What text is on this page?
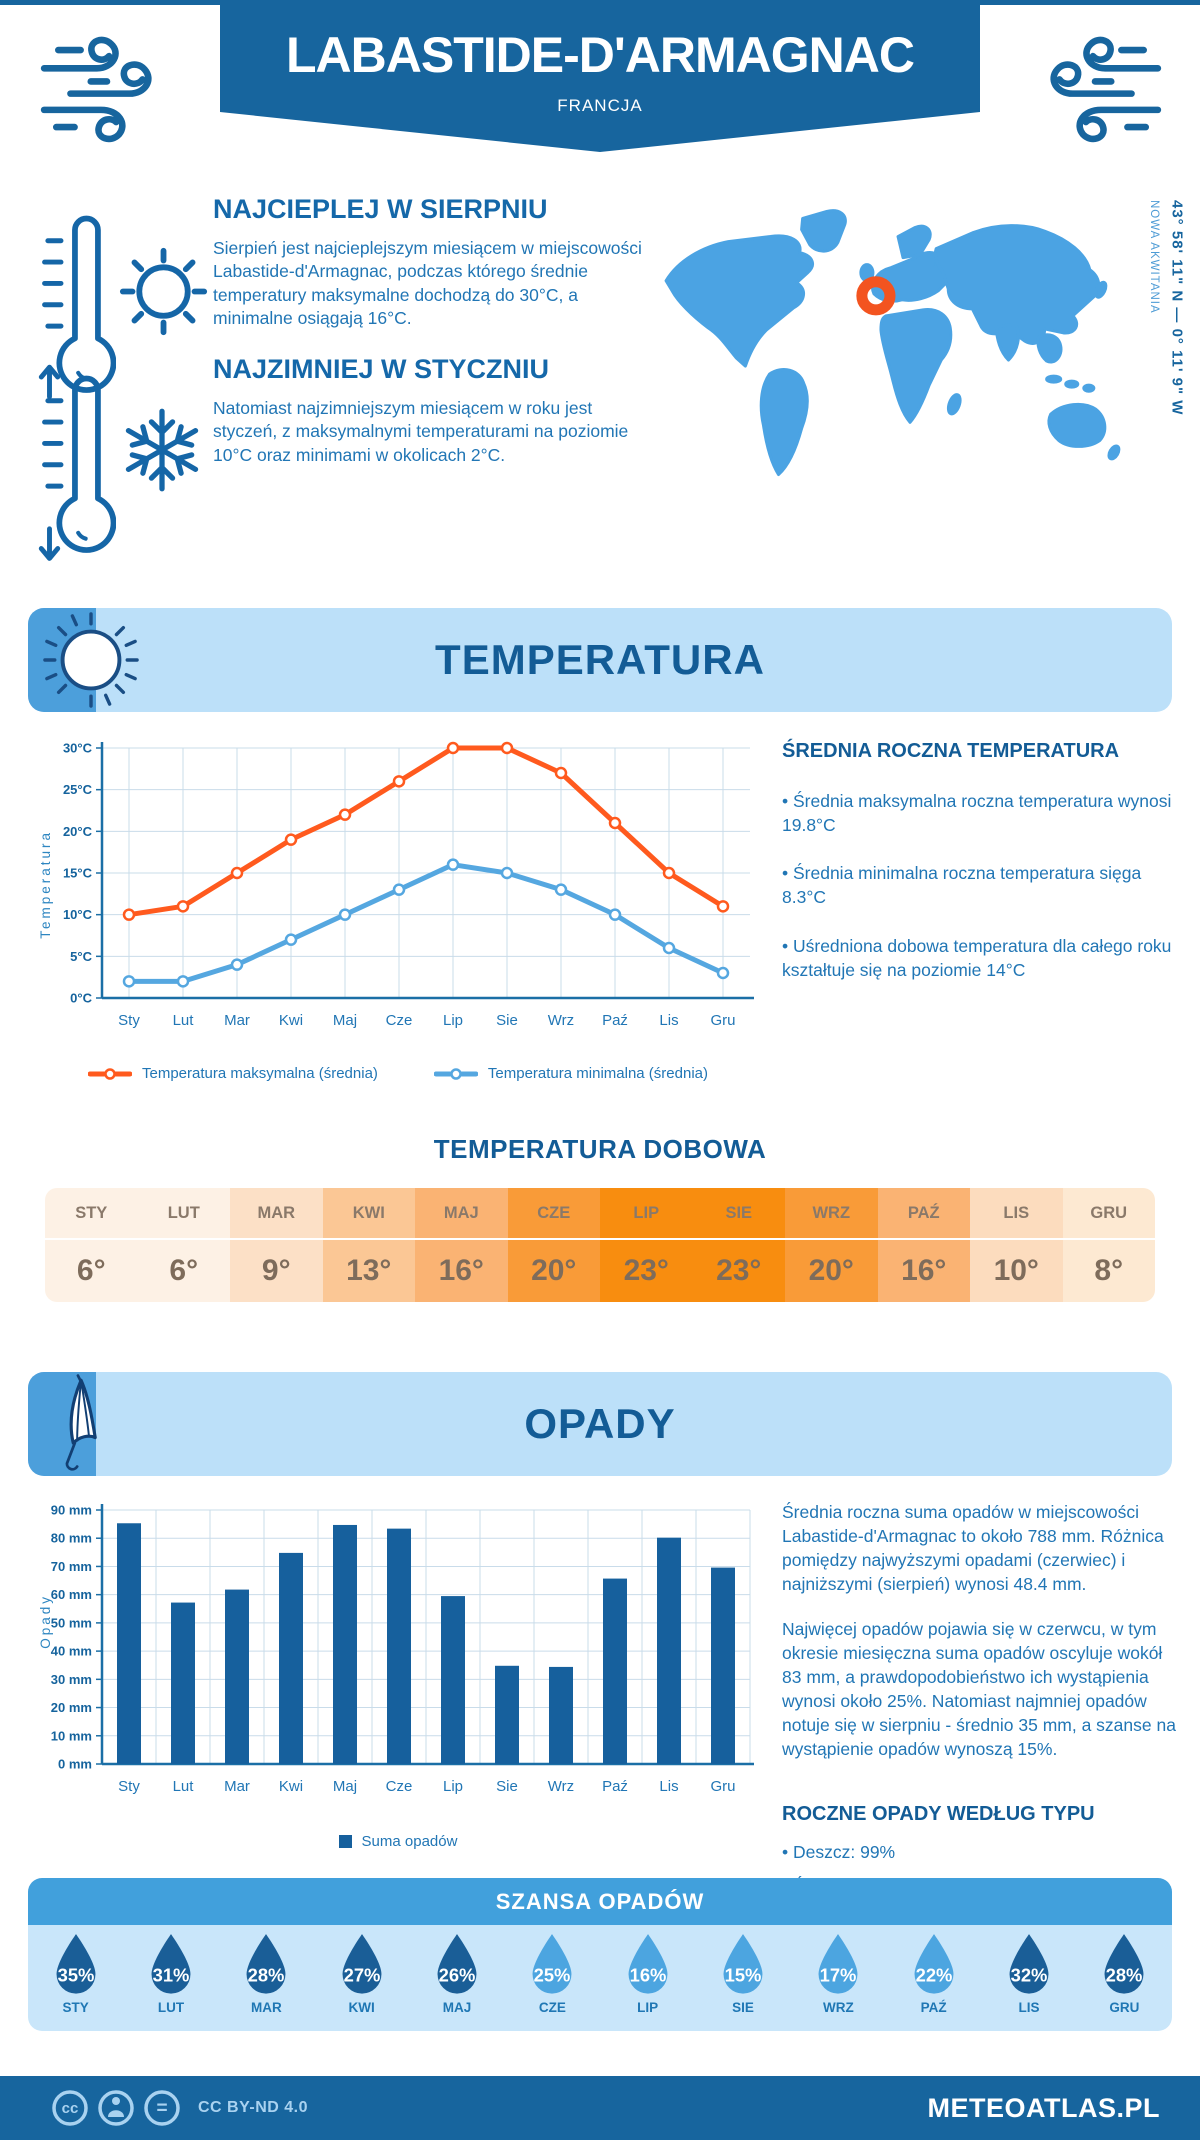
LABASTIDE-D'ARMAGNAC
FRANCJA
NAJCIEPLEJ W SIERPNIU
Sierpień jest najcieplejszym miesiącem w miejscowości Labastide-d'Armagnac, podczas którego średnie temperatury maksymalne dochodzą do 30°C, a minimalne osiągają 16°C.
NAJZIMNIEJ W STYCZNIU
Natomiast najzimniejszym miesiącem w roku jest styczeń, z maksymalnymi temperaturami na poziomie 10°C oraz minimami w okolicach 2°C.
43° 58' 11" N — 0° 11' 9" W
NOWA AKWITANIA
TEMPERATURA
Temperatura
0°C
5°C
10°C
15°C
20°C
25°C
30°C
Sty Lut Mar Kwi Maj Cze Lip Sie Wrz Paź Lis Gru
Temperatura maksymalna (średnia)	Temperatura minimalna (średnia)
ŚREDNIA ROCZNA TEMPERATURA
• Średnia maksymalna roczna temperatura wynosi 19.8°C
• Średnia minimalna roczna temperatura sięga 8.3°C
• Uśredniona dobowa temperatura dla całego roku kształtuje się na poziomie 14°C
TEMPERATURA DOBOWA
STY
6°
LUT
6°
MAR
9°
KWI
13°
MAJ
16°
CZE
20°
LIP
23°
SIE
23°
WRZ
20°
PAŹ
16°
LIS
10°
GRU
8°
OPADY
Opady
0 mm
10 mm
20 mm
30 mm
40 mm
50 mm
60 mm
70 mm
80 mm
90 mm
Sty Lut Mar Kwi Maj Cze Lip Sie Wrz Paź Lis Gru
Suma opadów

Średnia roczna suma opadów w miejscowości Labastide-d'Armagnac to około 788 mm. Różnica pomiędzy najwyższymi opadami (czerwiec) i najniższymi (sierpień) wynosi 48.4 mm.

Najwięcej opadów pojawia się w czerwcu, w tym okresie miesięczna suma opadów oscyluje wokół 83 mm, a prawdopodobieństwo ich wystąpienia wynosi około 25%. Natomiast najmniej opadów notuje się w sierpniu - średnio 35 mm, a szanse na wystąpienie opadów wynoszą 15%.

ROCZNE OPADY WEDŁUG TYPU
• Deszcz: 99%
SZANSA OPADÓW
35%
STY
31%
LUT
28%
MAR
27%
KWI
26%
MAJ
25%
CZE
16%
LIP
15%
SIE
17%
WRZ
22%
PAŹ
32%
LIS
28%
GRU
cc	= CC BY-ND 4.0	METEOATLAS.PL
